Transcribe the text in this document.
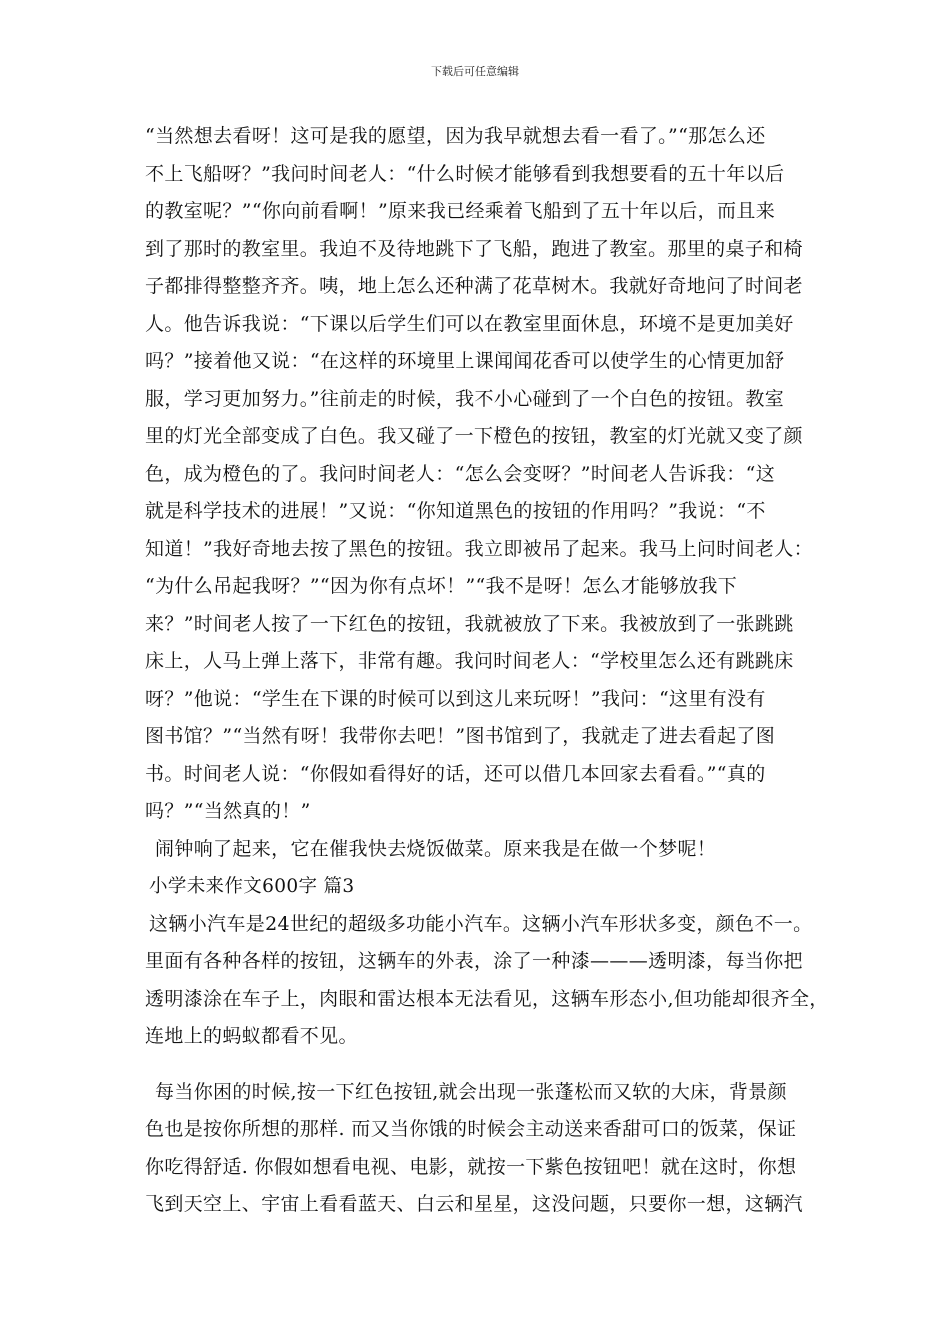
下载后可任意编辑
“当然想去看呀！这可是我的愿望，因为我早就想去看一看了。”“那怎么还
不上飞船呀？”我问时间老人：“什么时候才能够看到我想要看的五十年以后
的教室呢？”“你向前看啊！”原来我已经乘着飞船到了五十年以后，而且来
到了那时的教室里。我迫不及待地跳下了飞船，跑进了教室。那里的桌子和椅
子都排得整整齐齐。咦，地上怎么还种满了花草树木。我就好奇地问了时间老
人。他告诉我说：“下课以后学生们可以在教室里面休息，环境不是更加美好
吗？”接着他又说：“在这样的环境里上课闻闻花香可以使学生的心情更加舒
服，学习更加努力。”往前走的时候，我不小心碰到了一个白色的按钮。教室
里的灯光全部变成了白色。我又碰了一下橙色的按钮，教室的灯光就又变了颜
色，成为橙色的了。我问时间老人：“怎么会变呀？”时间老人告诉我：“这
就是科学技术的进展！”又说：“你知道黑色的按钮的作用吗？”我说：“不
知道！”我好奇地去按了黑色的按钮。我立即被吊了起来。我马上问时间老人：
“为什么吊起我呀？”“因为你有点坏！”“我不是呀！怎么才能够放我下
来？”时间老人按了一下红色的按钮，我就被放了下来。我被放到了一张跳跳
床上，人马上弹上落下，非常有趣。我问时间老人：“学校里怎么还有跳跳床
呀？”他说：“学生在下课的时候可以到这儿来玩呀！”我问：“这里有没有
图书馆？”“当然有呀！我带你去吧！”图书馆到了，我就走了进去看起了图
书。时间老人说：“你假如看得好的话，还可以借几本回家去看看。”“真的
吗？”“当然真的！”
闹钟响了起来，它在催我快去烧饭做菜。原来我是在做一个梦呢！
小学未来作文600字 篇3
这辆小汽车是24世纪的超级多功能小汽车。这辆小汽车形状多变，颜色不一。
里面有各种各样的按钮，这辆车的外表，涂了一种漆———透明漆，每当你把
透明漆涂在车子上，肉眼和雷达根本无法看见，这辆车形态小,但功能却很齐全，
连地上的蚂蚁都看不见。
每当你困的时候,按一下红色按钮,就会出现一张蓬松而又软的大床，背景颜
色也是按你所想的那样. 而又当你饿的时候会主动送来香甜可口的饭菜，保证
你吃得舒适. 你假如想看电视、电影，就按一下紫色按钮吧！就在这时，你想
飞到天空上、宇宙上看看蓝天、白云和星星，这没问题，只要你一想，这辆汽
